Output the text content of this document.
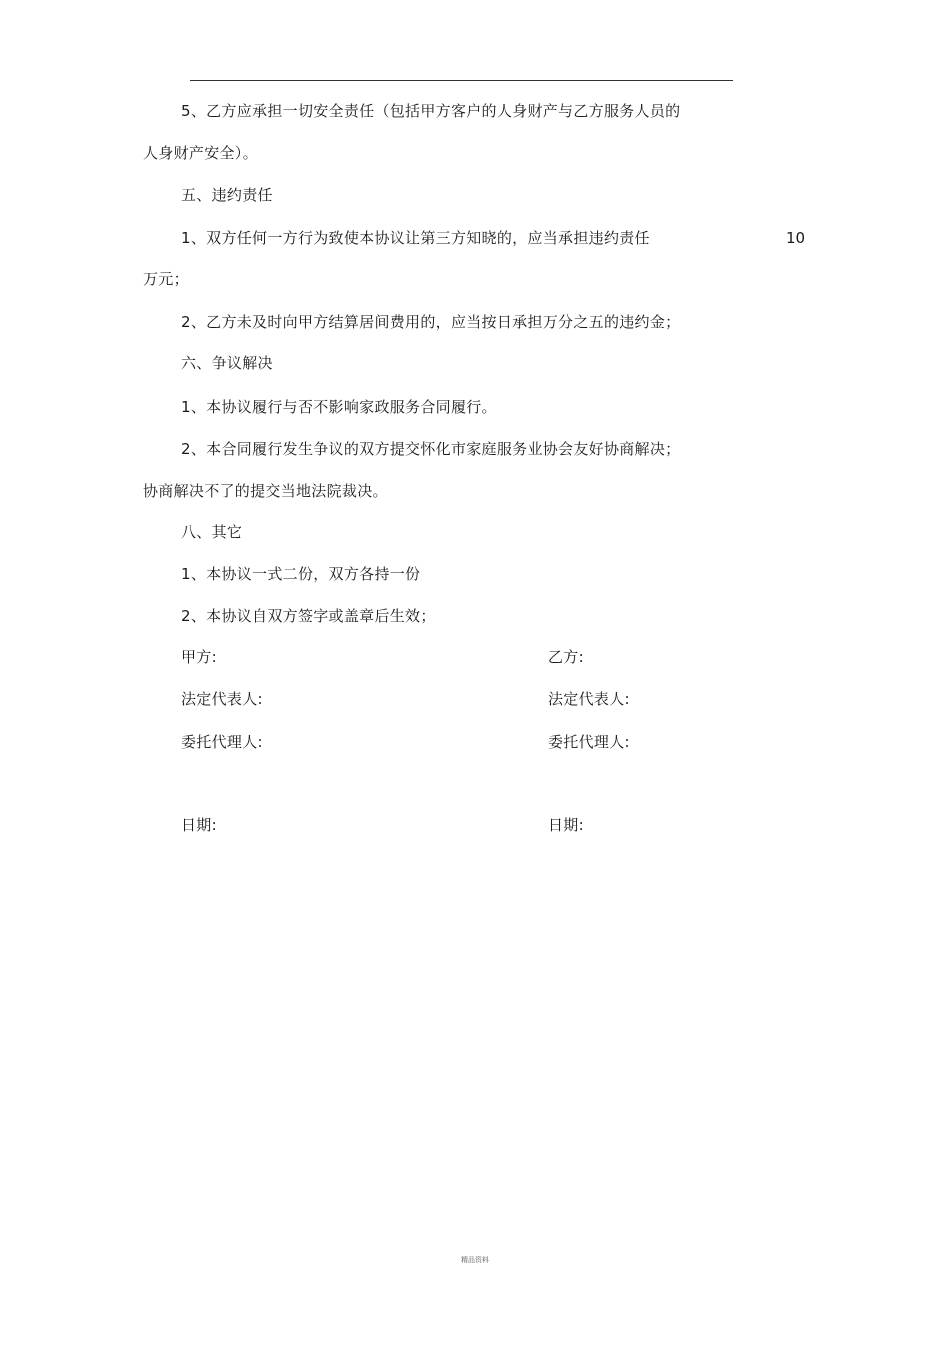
5、乙方应承担一切安全责任（包括甲方客户的人身财产与乙方服务人员的
人身财产安全）。
五、违约责任
1、双方任何一方行为致使本协议让第三方知晓的，应当承担违约责任	10
万元；
2、乙方未及时向甲方结算居间费用的，应当按日承担万分之五的违约金；
六、争议解决
1、本协议履行与否不影响家政服务合同履行。
2、本合同履行发生争议的双方提交怀化市家庭服务业协会友好协商解决；
协商解决不了的提交当地法院裁决。
八、其它
1、本协议一式二份，双方各持一份
2、本协议自双方签字或盖章后生效；
甲方:	乙方:
法定代表人:	法定代表人:
委托代理人:	委托代理人:
日期:	日期:
精品资料
